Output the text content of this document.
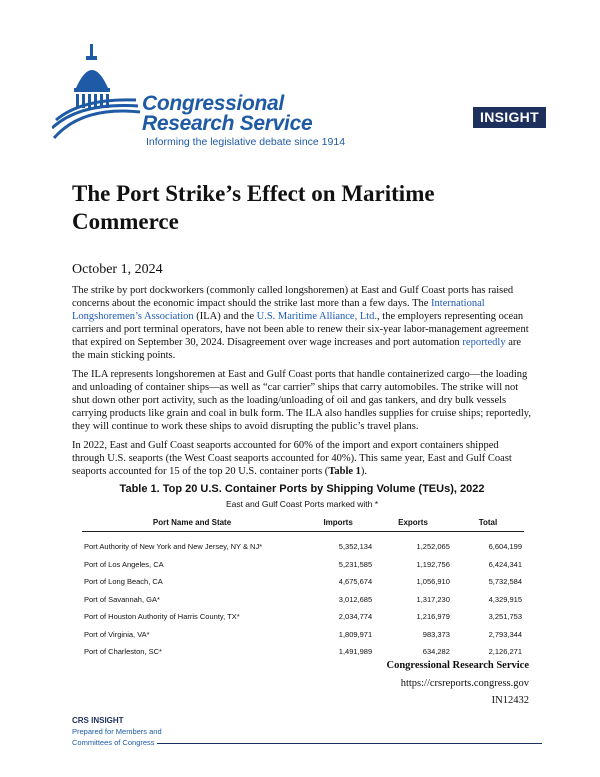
Congressional
Research Service
Informing the legislative debate since 1914
INSIGHT
The Port Strike’s Effect on Maritime Commerce
October 1, 2024

The strike by port dockworkers (commonly called longshoremen) at East and Gulf Coast ports has raised concerns about the economic impact should the strike last more than a few days. The International Longshoremen’s Association (ILA) and the U.S. Maritime Alliance, Ltd., the employers representing ocean carriers and port terminal operators, have not been able to renew their six-year labor-management agreement that expired on September 30, 2024. Disagreement over wage increases and port automation reportedly are the main sticking points.

The ILA represents longshoremen at East and Gulf Coast ports that handle containerized cargo—the loading and unloading of container ships—as well as “car carrier” ships that carry automobiles. The strike will not shut down other port activity, such as the loading/unloading of oil and gas tankers, and dry bulk vessels carrying products like grain and coal in bulk form. The ILA also handles supplies for cruise ships; reportedly, they will continue to work these ships to avoid disrupting the public’s travel plans.

In 2022, East and Gulf Coast seaports accounted for 60% of the import and export containers shipped through U.S. seaports (the West Coast seaports accounted for 40%). This same year, East and Gulf Coast seaports accounted for 15 of the top 20 U.S. container ports (Table 1).

Table 1. Top 20 U.S. Container Ports by Shipping Volume (TEUs), 2022
East and Gulf Coast Ports marked with *
Port Name and State	Imports	Exports	Total
Port Authority of New York and New Jersey, NY & NJ*	5,352,134	1,252,065	6,604,199
Port of Los Angeles, CA	5,231,585	1,192,756	6,424,341
Port of Long Beach, CA	4,675,674	1,056,910	5,732,584
Port of Savannah, GA*	3,012,685	1,317,230	4,329,915
Port of Houston Authority of Harris County, TX*	2,034,774	1,216,979	3,251,753
Port of Virginia, VA*	1,809,971	983,373	2,793,344
Port of Charleston, SC*	1,491,989	634,282	2,126,271
Congressional Research Service
https://crsreports.congress.gov
IN12432
CRS INSIGHT
Prepared for Members and
Committees of Congress
